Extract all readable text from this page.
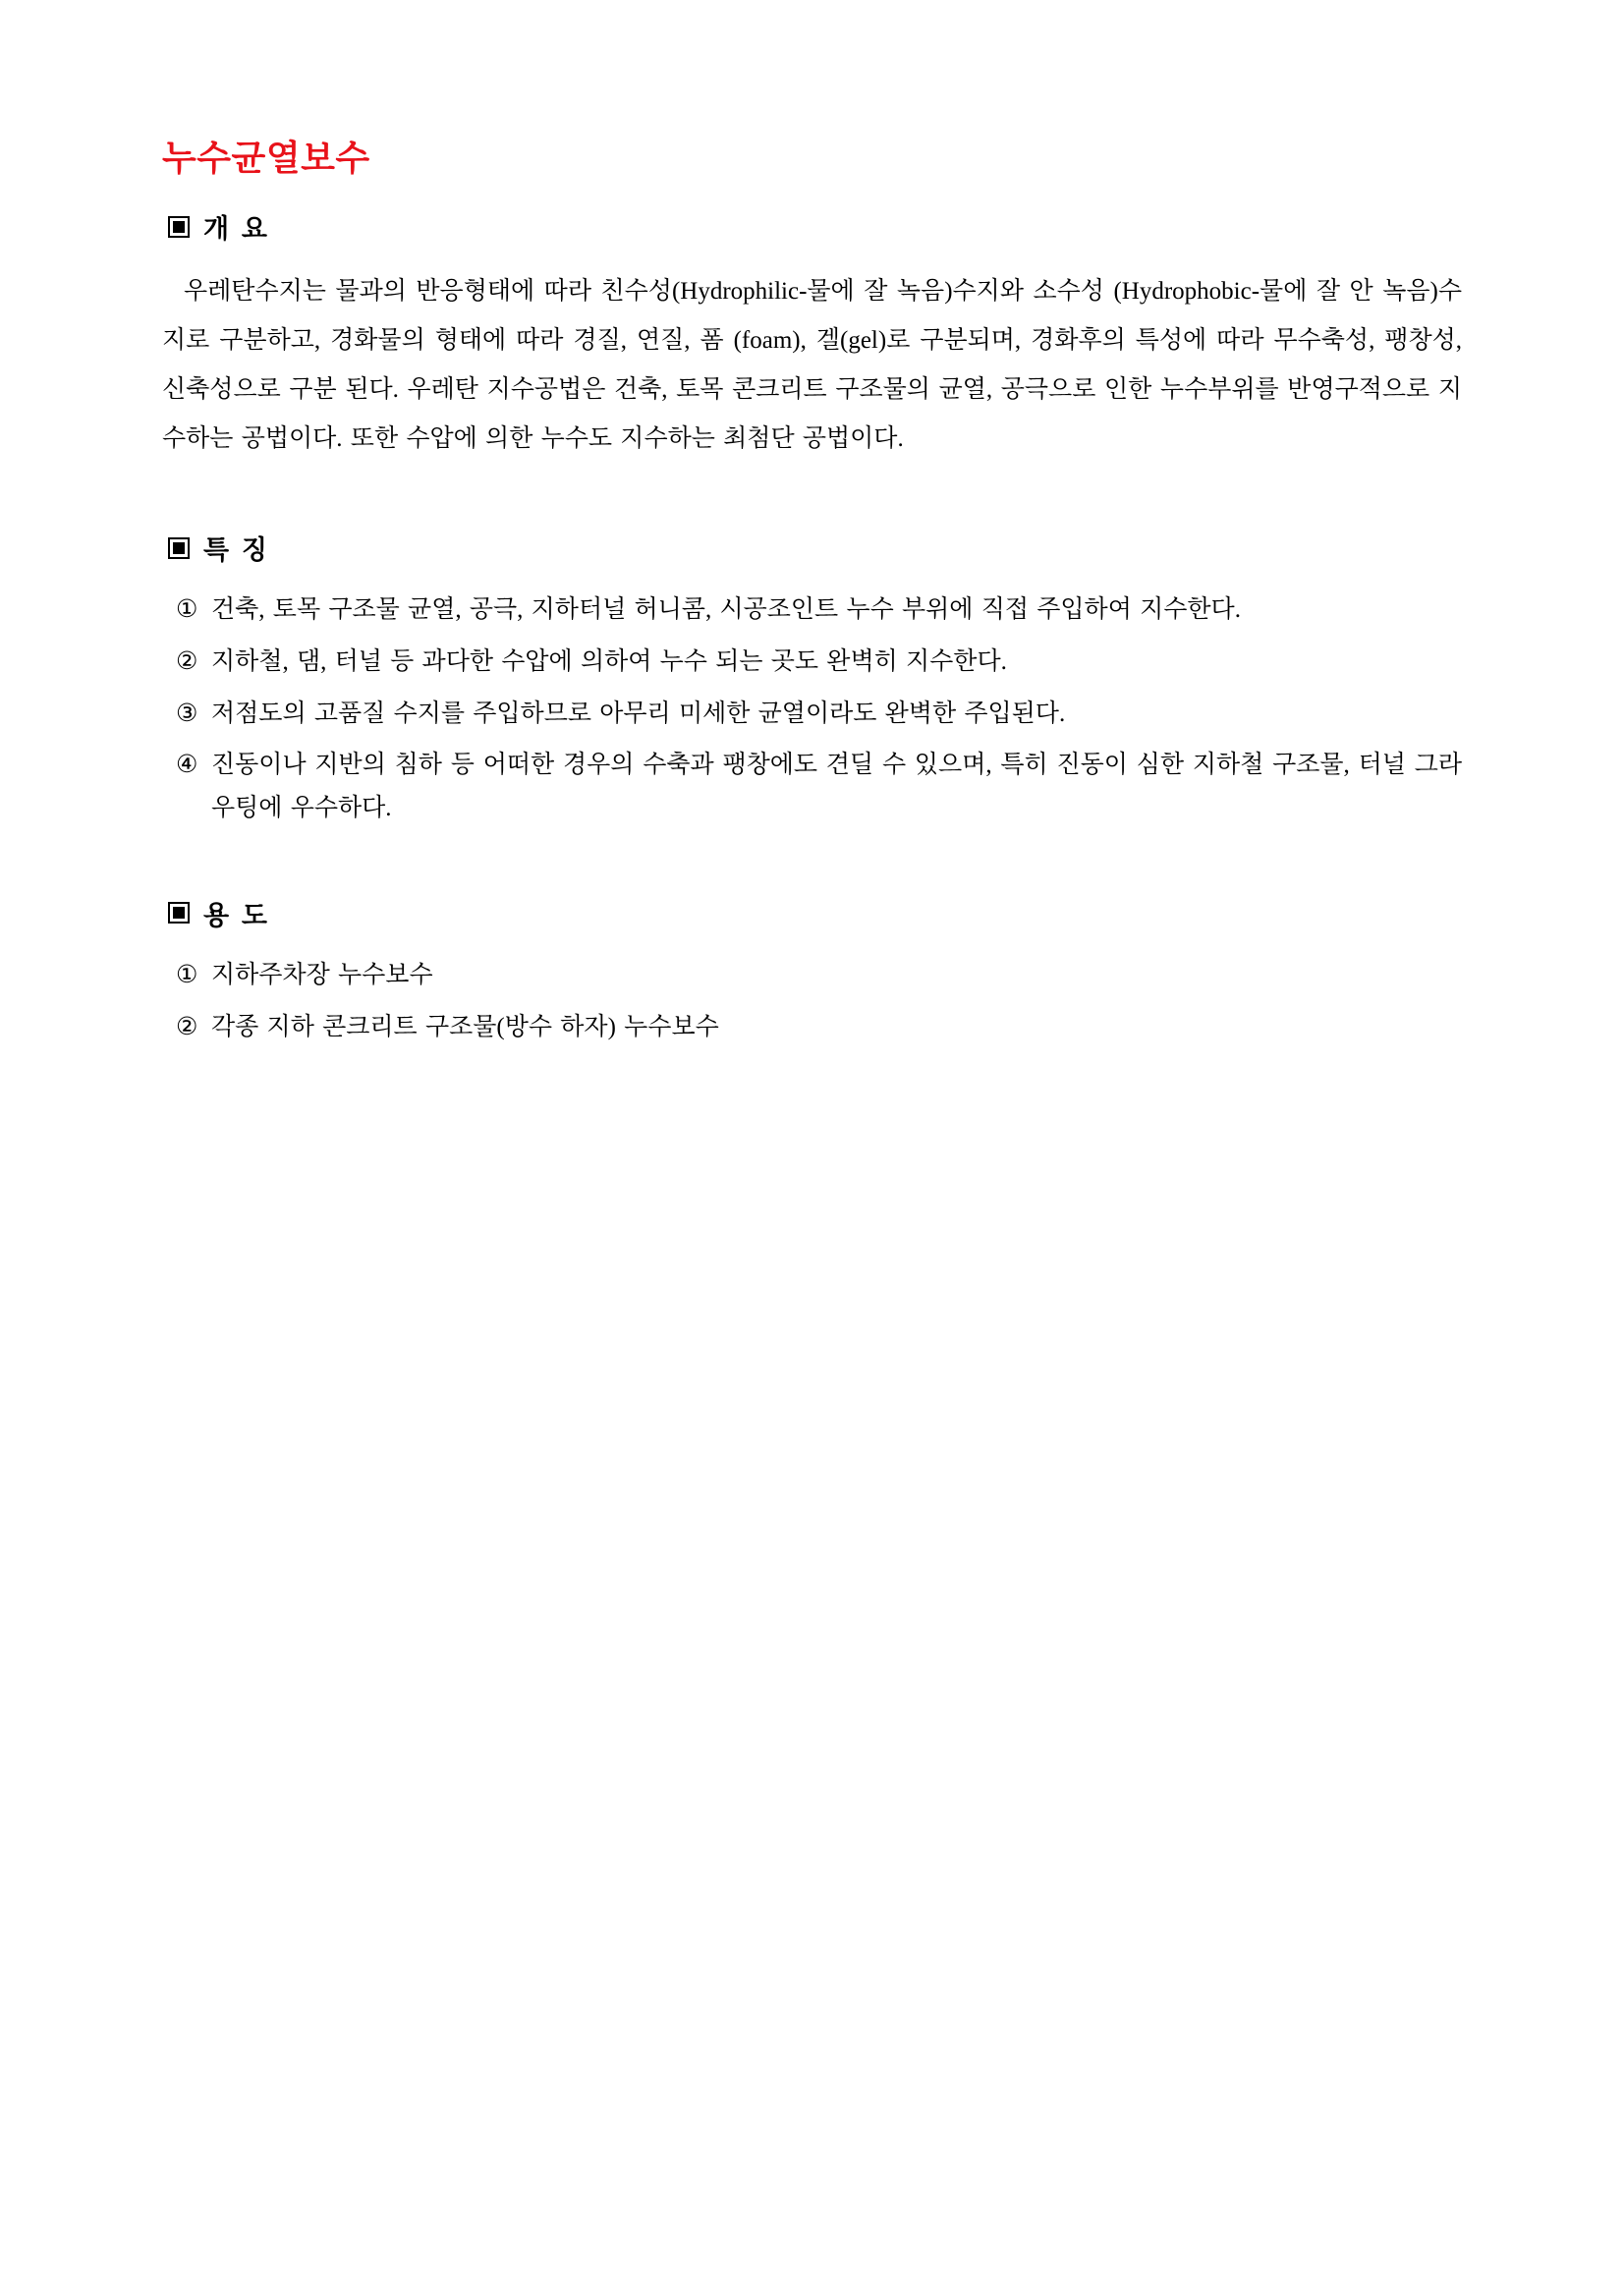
누수균열보수
개 요

우레탄수지는 물과의 반응형태에 따라 친수성(Hydrophilic-물에 잘 녹음)수지와 소수성 (Hydrophobic-물에 잘 안 녹음)수지로 구분하고, 경화물의 형태에 따라 경질, 연질, 폼 (foam), 겔(gel)로 구분되며, 경화후의 특성에 따라 무수축성, 팽창성, 신축성으로 구분 된다. 우레탄 지수공법은 건축, 토목 콘크리트 구조물의 균열, 공극으로 인한 누수부위를 반영구적으로 지수하는 공법이다. 또한 수압에 의한 누수도 지수하는 최첨단 공법이다.

특 징
① 건축, 토목 구조물 균열, 공극, 지하터널 허니콤, 시공조인트 누수 부위에 직접 주입하여 지수한다.
② 지하철, 댐, 터널 등 과다한 수압에 의하여 누수 되는 곳도 완벽히 지수한다.
③ 저점도의 고품질 수지를 주입하므로 아무리 미세한 균열이라도 완벽한 주입된다.
④ 진동이나 지반의 침하 등 어떠한 경우의 수축과 팽창에도 견딜 수 있으며, 특히 진동이 심한 지하철 구조물, 터널 그라우팅에 우수하다.
용 도
① 지하주차장 누수보수
② 각종 지하 콘크리트 구조물(방수 하자) 누수보수
